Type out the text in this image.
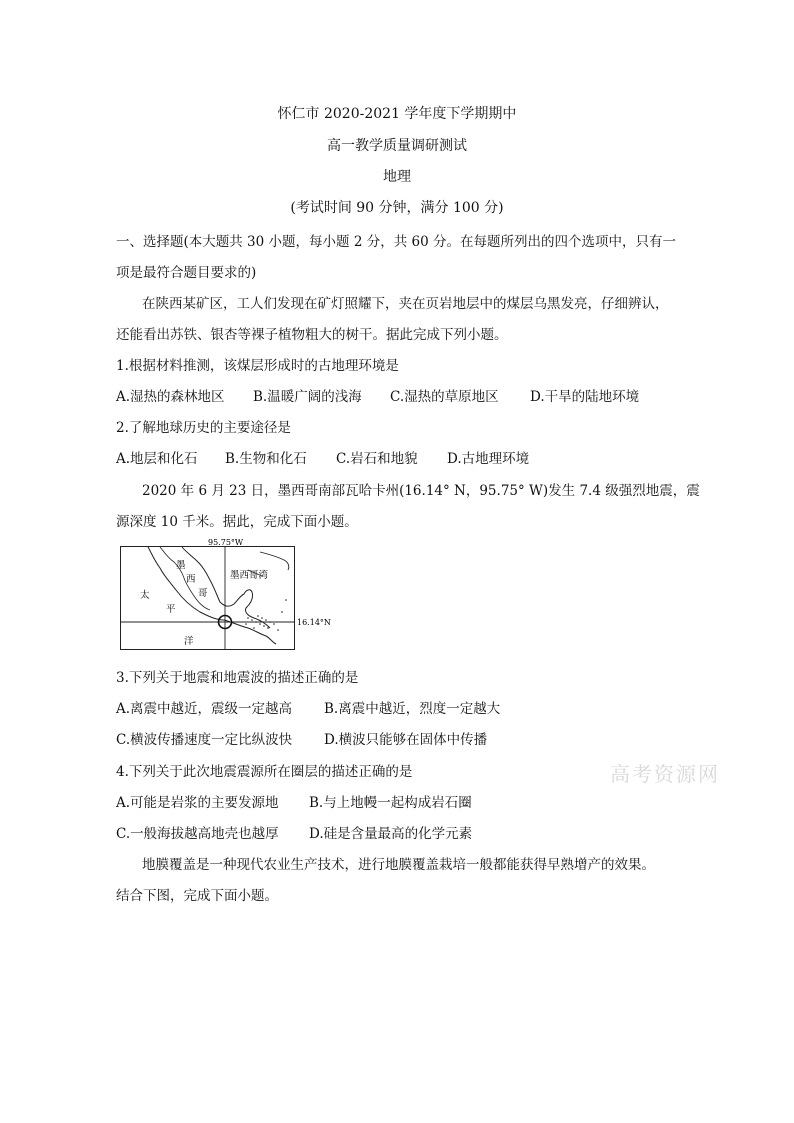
怀仁市 2020-2021 学年度下学期期中
高一教学质量调研测试
地理
(考试时间 90 分钟，满分 100 分)
一、选择题(本大题共 30 小题，每小题 2 分，共 60 分。在每题所列出的四个选项中，只有一
项是最符合题目要求的)
在陕西某矿区，工人们发现在矿灯照耀下，夹在页岩地层中的煤层乌黑发亮，仔细辨认，
还能看出苏铁、银杏等裸子植物粗大的树干。据此完成下列小题。
1.根据材料推测，该煤层形成时的古地理环境是
A.湿热的森林地区 B.温暖广阔的浅海 C.湿热的草原地区 D.干旱的陆地环境
2.了解地球历史的主要途径是
A.地层和化石 B.生物和化石 C.岩石和地貌 D.古地理环境
2020 年 6 月 23 日，墨西哥南部瓦哈卡州(16.14° N，95.75° W)发生 7.4 级强烈地震，震
源深度 10 千米。据此，完成下面小题。
95.75°W
16.14°N
墨
西
哥
墨西哥湾
太
平
洋
3.下列关于地震和地震波的描述正确的是
A.离震中越近，震级一定越高 B.离震中越近，烈度一定越大
C.横波传播速度一定比纵波快 D.横波只能够在固体中传播
4.下列关于此次地震震源所在圈层的描述正确的是
A.可能是岩浆的主要发源地 B.与上地幔一起构成岩石圈
C.一般海拔越高地壳也越厚 D.硅是含量最高的化学元素
地膜覆盖是一种现代农业生产技术，进行地膜覆盖栽培一般都能获得早熟增产的效果。
结合下图，完成下面小题。
高考资源网
